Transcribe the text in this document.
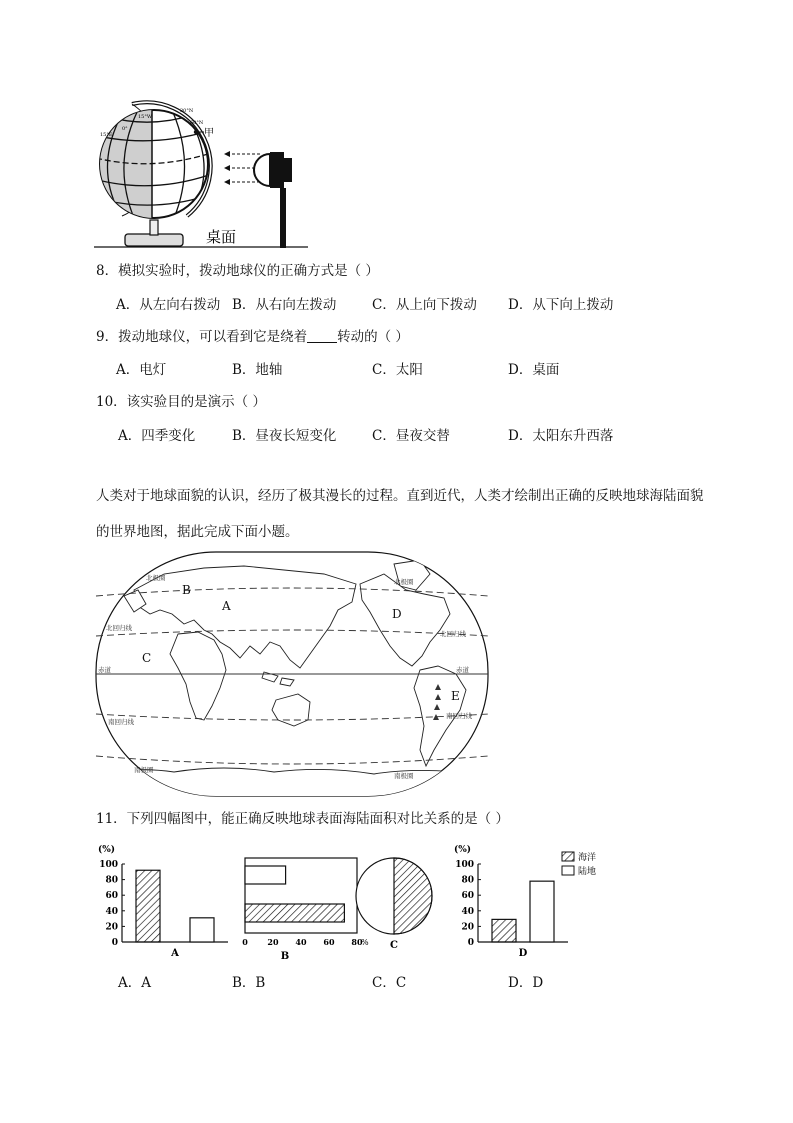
60°N
30°N
15°E
0°
15°W
甲
桌面
8．模拟实验时，拨动地球仪的正确方式是（ ）
A．从左向右拨动 B．从右向左拨动	C．从上向下拨动 D．从下向上拨动
9．拨动地球仪，可以看到它是绕着 转动的（ ）
A．电灯	B．地轴	C．太阳	D．桌面
10．该实验目的是演示（ ）
A．四季变化	B．昼夜长短变化	C．昼夜交替	D．太阳东升西落
人类对于地球面貌的认识，经历了极其漫长的过程。直到近代，人类才绘制出正确的反映地球海陆面貌的世界地图，据此完成下面小题。
北极圈	北极圈
北回归线
北回归线
赤道	赤道
南回归线
南回归线
南极圈
南极圈
A
B
C
D
E
11．下列四幅图中，能正确反映地球表面海陆面积对比关系的是（ ）
(%)
0
20
40
60
80
100
A
0 20 40 60 80
%
B
C
(%)
0
20
40
60
80
100
D
海洋
陆地
A．A	B．B	C．C	D．D
